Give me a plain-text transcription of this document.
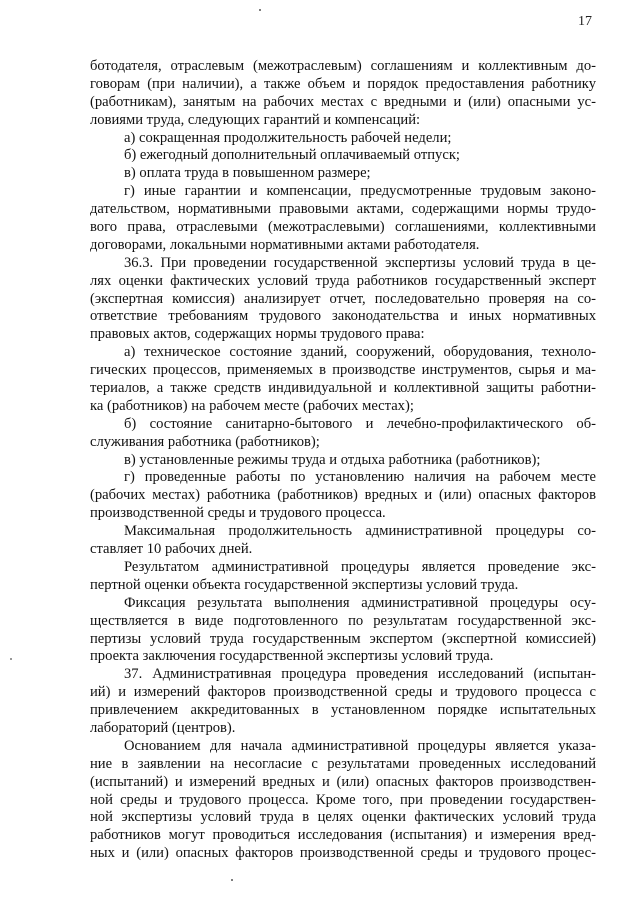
17
ботодателя, отраслевым (межотраслевым) соглашениям и коллективным до-
говорам (при наличии), а также объем и порядок предоставления работнику
(работникам), занятым на рабочих местах с вредными и (или) опасными ус-
ловиями труда, следующих гарантий и компенсаций:
а) сокращенная продолжительность рабочей недели;
б) ежегодный дополнительный оплачиваемый отпуск;
в) оплата труда в повышенном размере;
г) иные гарантии и компенсации, предусмотренные трудовым законо-
дательством, нормативными правовыми актами, содержащими нормы трудо-
вого права, отраслевыми (межотраслевыми) соглашениями, коллективными
договорами, локальными нормативными актами работодателя.
36.3. При проведении государственной экспертизы условий труда в це-
лях оценки фактических условий труда работников государственный эксперт
(экспертная комиссия) анализирует отчет, последовательно проверяя на со-
ответствие требованиям трудового законодательства и иных нормативных
правовых актов, содержащих нормы трудового права:
а) техническое состояние зданий, сооружений, оборудования, техноло-
гических процессов, применяемых в производстве инструментов, сырья и ма-
териалов, а также средств индивидуальной и коллективной защиты работни-
ка (работников) на рабочем месте (рабочих местах);
б) состояние санитарно-бытового и лечебно-профилактического об-
служивания работника (работников);
в) установленные режимы труда и отдыха работника (работников);
г) проведенные работы по установлению наличия на рабочем месте
(рабочих местах) работника (работников) вредных и (или) опасных факторов
производственной среды и трудового процесса.
Максимальная продолжительность административной процедуры со-
ставляет 10 рабочих дней.
Результатом административной процедуры является проведение экс-
пертной оценки объекта государственной экспертизы условий труда.
Фиксация результата выполнения административной процедуры осу-
ществляется в виде подготовленного по результатам государственной экс-
пертизы условий труда государственным экспертом (экспертной комиссией)
проекта заключения государственной экспертизы условий труда.
37. Административная процедура проведения исследований (испытан-
ий) и измерений факторов производственной среды и трудового процесса с
привлечением аккредитованных в установленном порядке испытательных
лабораторий (центров).
Основанием для начала административной процедуры является указа-
ние в заявлении на несогласие с результатами проведенных исследований
(испытаний) и измерений вредных и (или) опасных факторов производствен-
ной среды и трудового процесса. Кроме того, при проведении государствен-
ной экспертизы условий труда в целях оценки фактических условий труда
работников могут проводиться исследования (испытания) и измерения вред-
ных и (или) опасных факторов производственной среды и трудового процес-
